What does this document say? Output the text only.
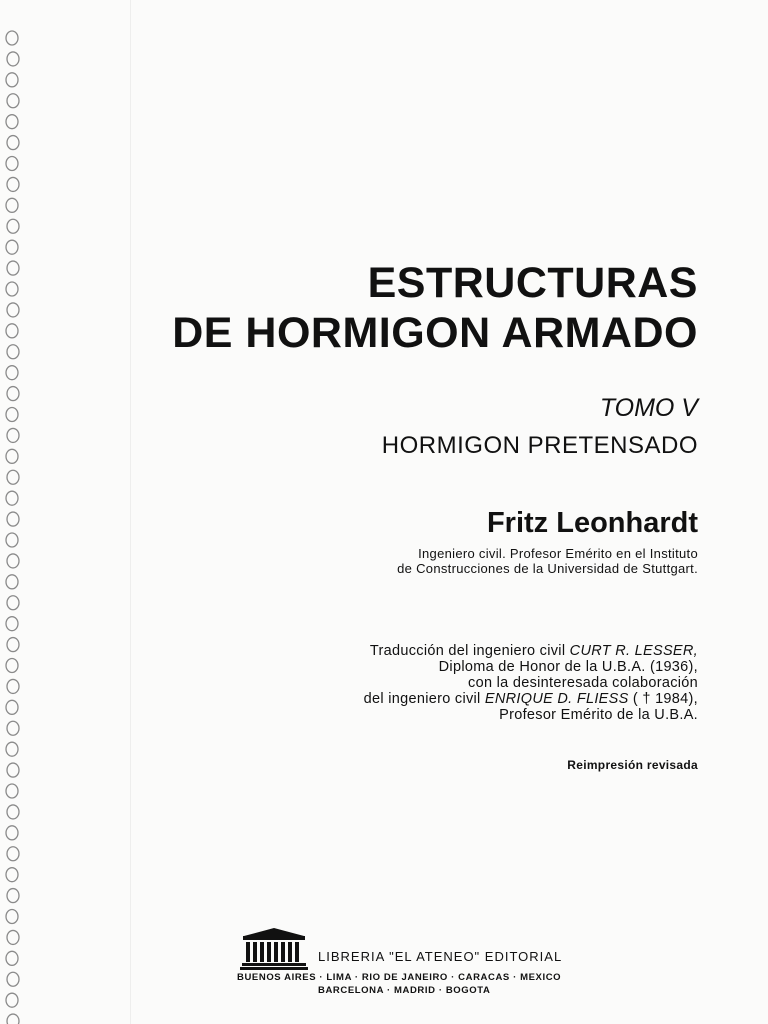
ESTRUCTURAS
DE HORMIGON ARMADO
TOMO V
HORMIGON PRETENSADO
Fritz Leonhardt
Ingeniero civil. Profesor Emérito en el Instituto
de Construcciones de la Universidad de Stuttgart.
Traducción del ingeniero civil CURT R. LESSER,
Diploma de Honor de la U.B.A. (1936),
con la desinteresada colaboración
del ingeniero civil ENRIQUE D. FLIESS ( † 1984),
Profesor Emérito de la U.B.A.
Reimpresión revisada
LIBRERIA "EL ATENEO" EDITORIAL
BUENOS AIRES · LIMA · RIO DE JANEIRO · CARACAS · MEXICO
BARCELONA · MADRID · BOGOTA
